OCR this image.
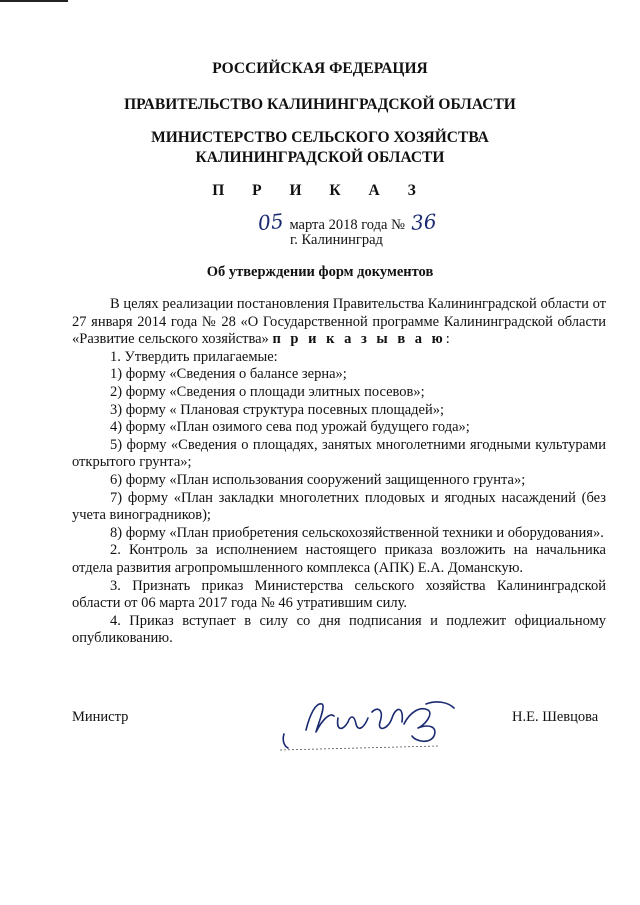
РОССИЙСКАЯ ФЕДЕРАЦИЯ
ПРАВИТЕЛЬСТВО КАЛИНИНГРАДСКОЙ ОБЛАСТИ
МИНИСТЕРСТВО СЕЛЬСКОГО ХОЗЯЙСТВА
КАЛИНИНГРАДСКОЙ ОБЛАСТИ
П Р И К А З
05 марта 2018 года № 36
г. Калининград
Об утверждении форм документов

В целях реализации постановления Правительства Калининградской области от 27 января 2014 года № 28 «О Государственной программе Калининградской области «Развитие сельского хозяйства» п р и к а з ы в а ю:

1. Утвердить прилагаемые:

1) форму «Сведения о балансе зерна»;

2) форму «Сведения о площади элитных посевов»;

3) форму « Плановая структура посевных площадей»;

4) форму «План озимого сева под урожай будущего года»;

5) форму «Сведения о площадях, занятых многолетними ягодными культурами открытого грунта»;

6) форму «План использования сооружений защищенного грунта»;

7) форму «План закладки многолетних плодовых и ягодных насаждений (без учета виноградников);

8) форму «План приобретения сельскохозяйственной техники и оборудования».

2. Контроль за исполнением настоящего приказа возложить на начальника отдела развития агропромышленного комплекса (АПК) Е.А. Доманскую.

3. Признать приказ Министерства сельского хозяйства Калининградской области от 06 марта 2017 года № 46 утратившим силу.

4. Приказ вступает в силу со дня подписания и подлежит официальному опубликованию.

Министр	Н.Е. Шевцова
